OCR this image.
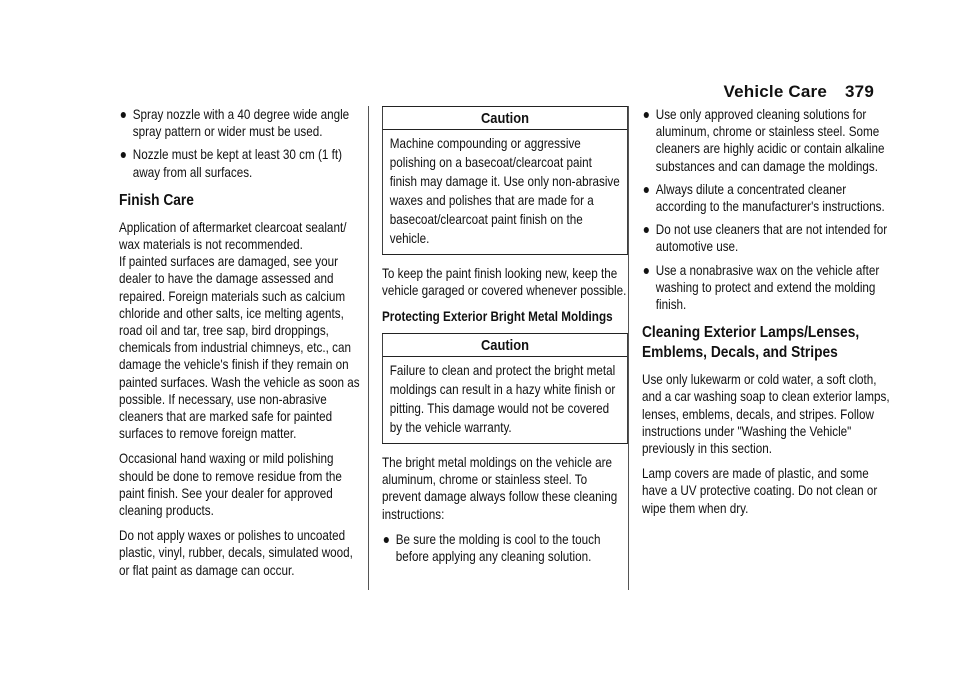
Vehicle Care 379
Spray nozzle with a 40 degree wide angle spray pattern or wider must be used.
Nozzle must be kept at least 30 cm (1 ft) away from all surfaces.
Finish Care

Application of aftermarket clearcoat sealant/ wax materials is not recommended.

If painted surfaces are damaged, see your dealer to have the damage assessed and repaired. Foreign materials such as calcium chloride and other salts, ice melting agents, road oil and tar, tree sap, bird droppings, chemicals from industrial chimneys, etc., can damage the vehicle's finish if they remain on painted surfaces. Wash the vehicle as soon as possible. If necessary, use non-abrasive cleaners that are marked safe for painted surfaces to remove foreign matter.

Occasional hand waxing or mild polishing should be done to remove residue from the paint finish. See your dealer for approved cleaning products.

Do not apply waxes or polishes to uncoated plastic, vinyl, rubber, decals, simulated wood, or flat paint as damage can occur.

Caution
Machine compounding or aggressive polishing on a basecoat/clearcoat paint finish may damage it. Use only non-abrasive waxes and polishes that are made for a basecoat/clearcoat paint finish on the vehicle.

To keep the paint finish looking new, keep the vehicle garaged or covered whenever possible.

Protecting Exterior Bright Metal Moldings
Caution
Failure to clean and protect the bright metal moldings can result in a hazy white finish or pitting. This damage would not be covered by the vehicle warranty.

The bright metal moldings on the vehicle are aluminum, chrome or stainless steel. To prevent damage always follow these cleaning instructions:

Be sure the molding is cool to the touch before applying any cleaning solution.
Use only approved cleaning solutions for aluminum, chrome or stainless steel. Some cleaners are highly acidic or contain alkaline substances and can damage the moldings.
Always dilute a concentrated cleaner according to the manufacturer's instructions.
Do not use cleaners that are not intended for automotive use.
Use a nonabrasive wax on the vehicle after washing to protect and extend the molding finish.
Cleaning Exterior Lamps/Lenses, Emblems, Decals, and Stripes

Use only lukewarm or cold water, a soft cloth, and a car washing soap to clean exterior lamps, lenses, emblems, decals, and stripes. Follow instructions under "Washing the Vehicle" previously in this section.

Lamp covers are made of plastic, and some have a UV protective coating. Do not clean or wipe them when dry.
